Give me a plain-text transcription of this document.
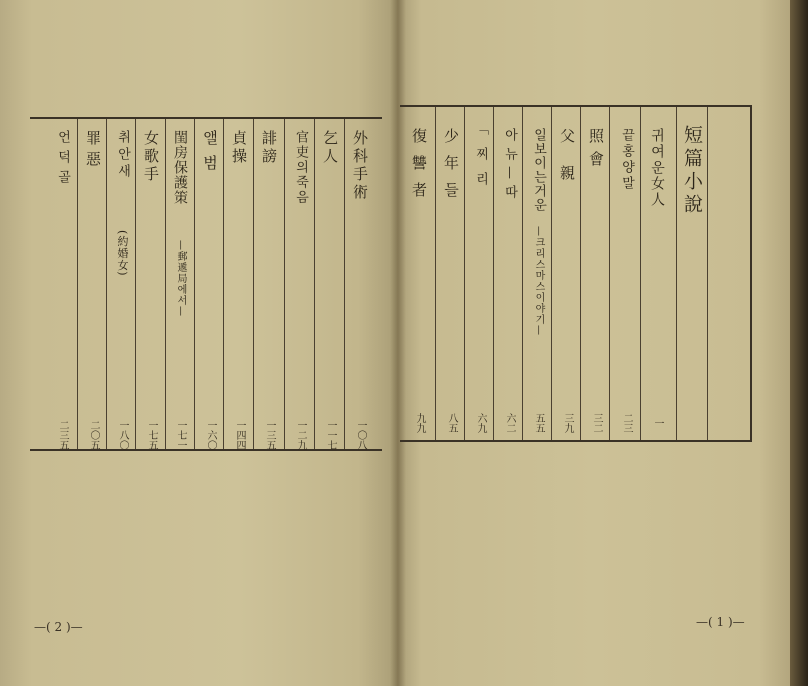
外科手術
一〇八
乞人
一一七
官吏의죽음
一二九
誹謗
一三五
貞操
一四四
앨범
一六〇
閨房保護策
—郵遞局에서—
一七一
女歌手
一七五
취안새
(約婚女)
一八〇
罪惡
二〇五
언덕골
二三五
—( 2 )—
短篇小說
귀여운女人
一
끝홍양말
二三
照會
三二
父親
三九
일보이는거운
—크리스마스이야기—
五五
아뉴—따
六二
「찌리
六九
少年들
八五
復讐者
九九
—( 1 )—
